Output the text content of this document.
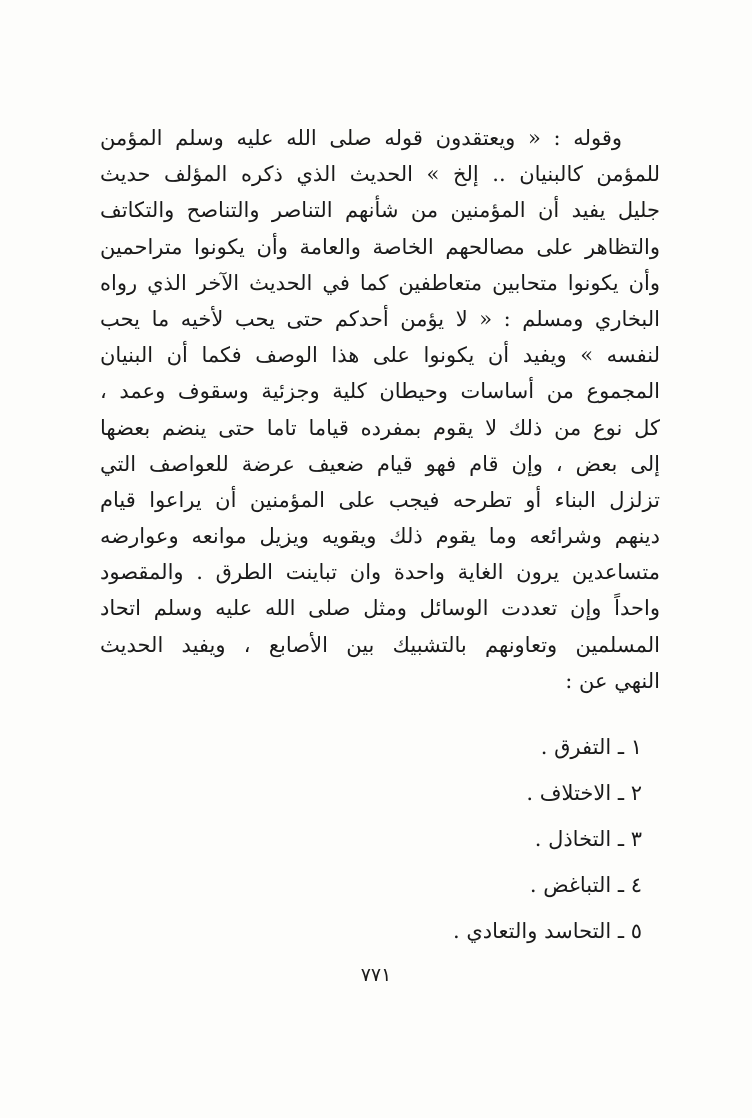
وقوله : « ويعتقدون قوله صلى الله عليه وسلم المؤمن
للمؤمن كالبنيان .. إلخ » الحديث الذي ذكره المؤلف حديث
جليل يفيد أن المؤمنين من شأنهم التناصر والتناصح والتكاتف
والتظاهر على مصالحهم الخاصة والعامة وأن يكونوا متراحمين
وأن يكونوا متحابين متعاطفين كما في الحديث الآخر الذي رواه
البخاري ومسلم : « لا يؤمن أحدكم حتى يحب لأخيه ما يحب
لنفسه » ويفيد أن يكونوا على هذا الوصف فكما أن البنيان
المجموع من أساسات وحيطان كلية وجزئية وسقوف وعمد ،
كل نوع من ذلك لا يقوم بمفرده قياما تاما حتى ينضم بعضها
إلى بعض ، وإن قام فهو قيام ضعيف عرضة للعواصف التي
تزلزل البناء أو تطرحه فيجب على المؤمنين أن يراعوا قيام
دينهم وشرائعه وما يقوم ذلك ويقويه ويزيل موانعه وعوارضه
متساعدين يرون الغاية واحدة وان تباينت الطرق . والمقصود
واحداً وإن تعددت الوسائل ومثل صلى الله عليه وسلم اتحاد
المسلمين وتعاونهم بالتشبيك بين الأصابع ، ويفيد الحديث
النهي عن :
١ ـ التفرق .
٢ ـ الاختلاف .
٣ ـ التخاذل .
٤ ـ التباغض .
٥ ـ التحاسد والتعادي .
٧٧١
